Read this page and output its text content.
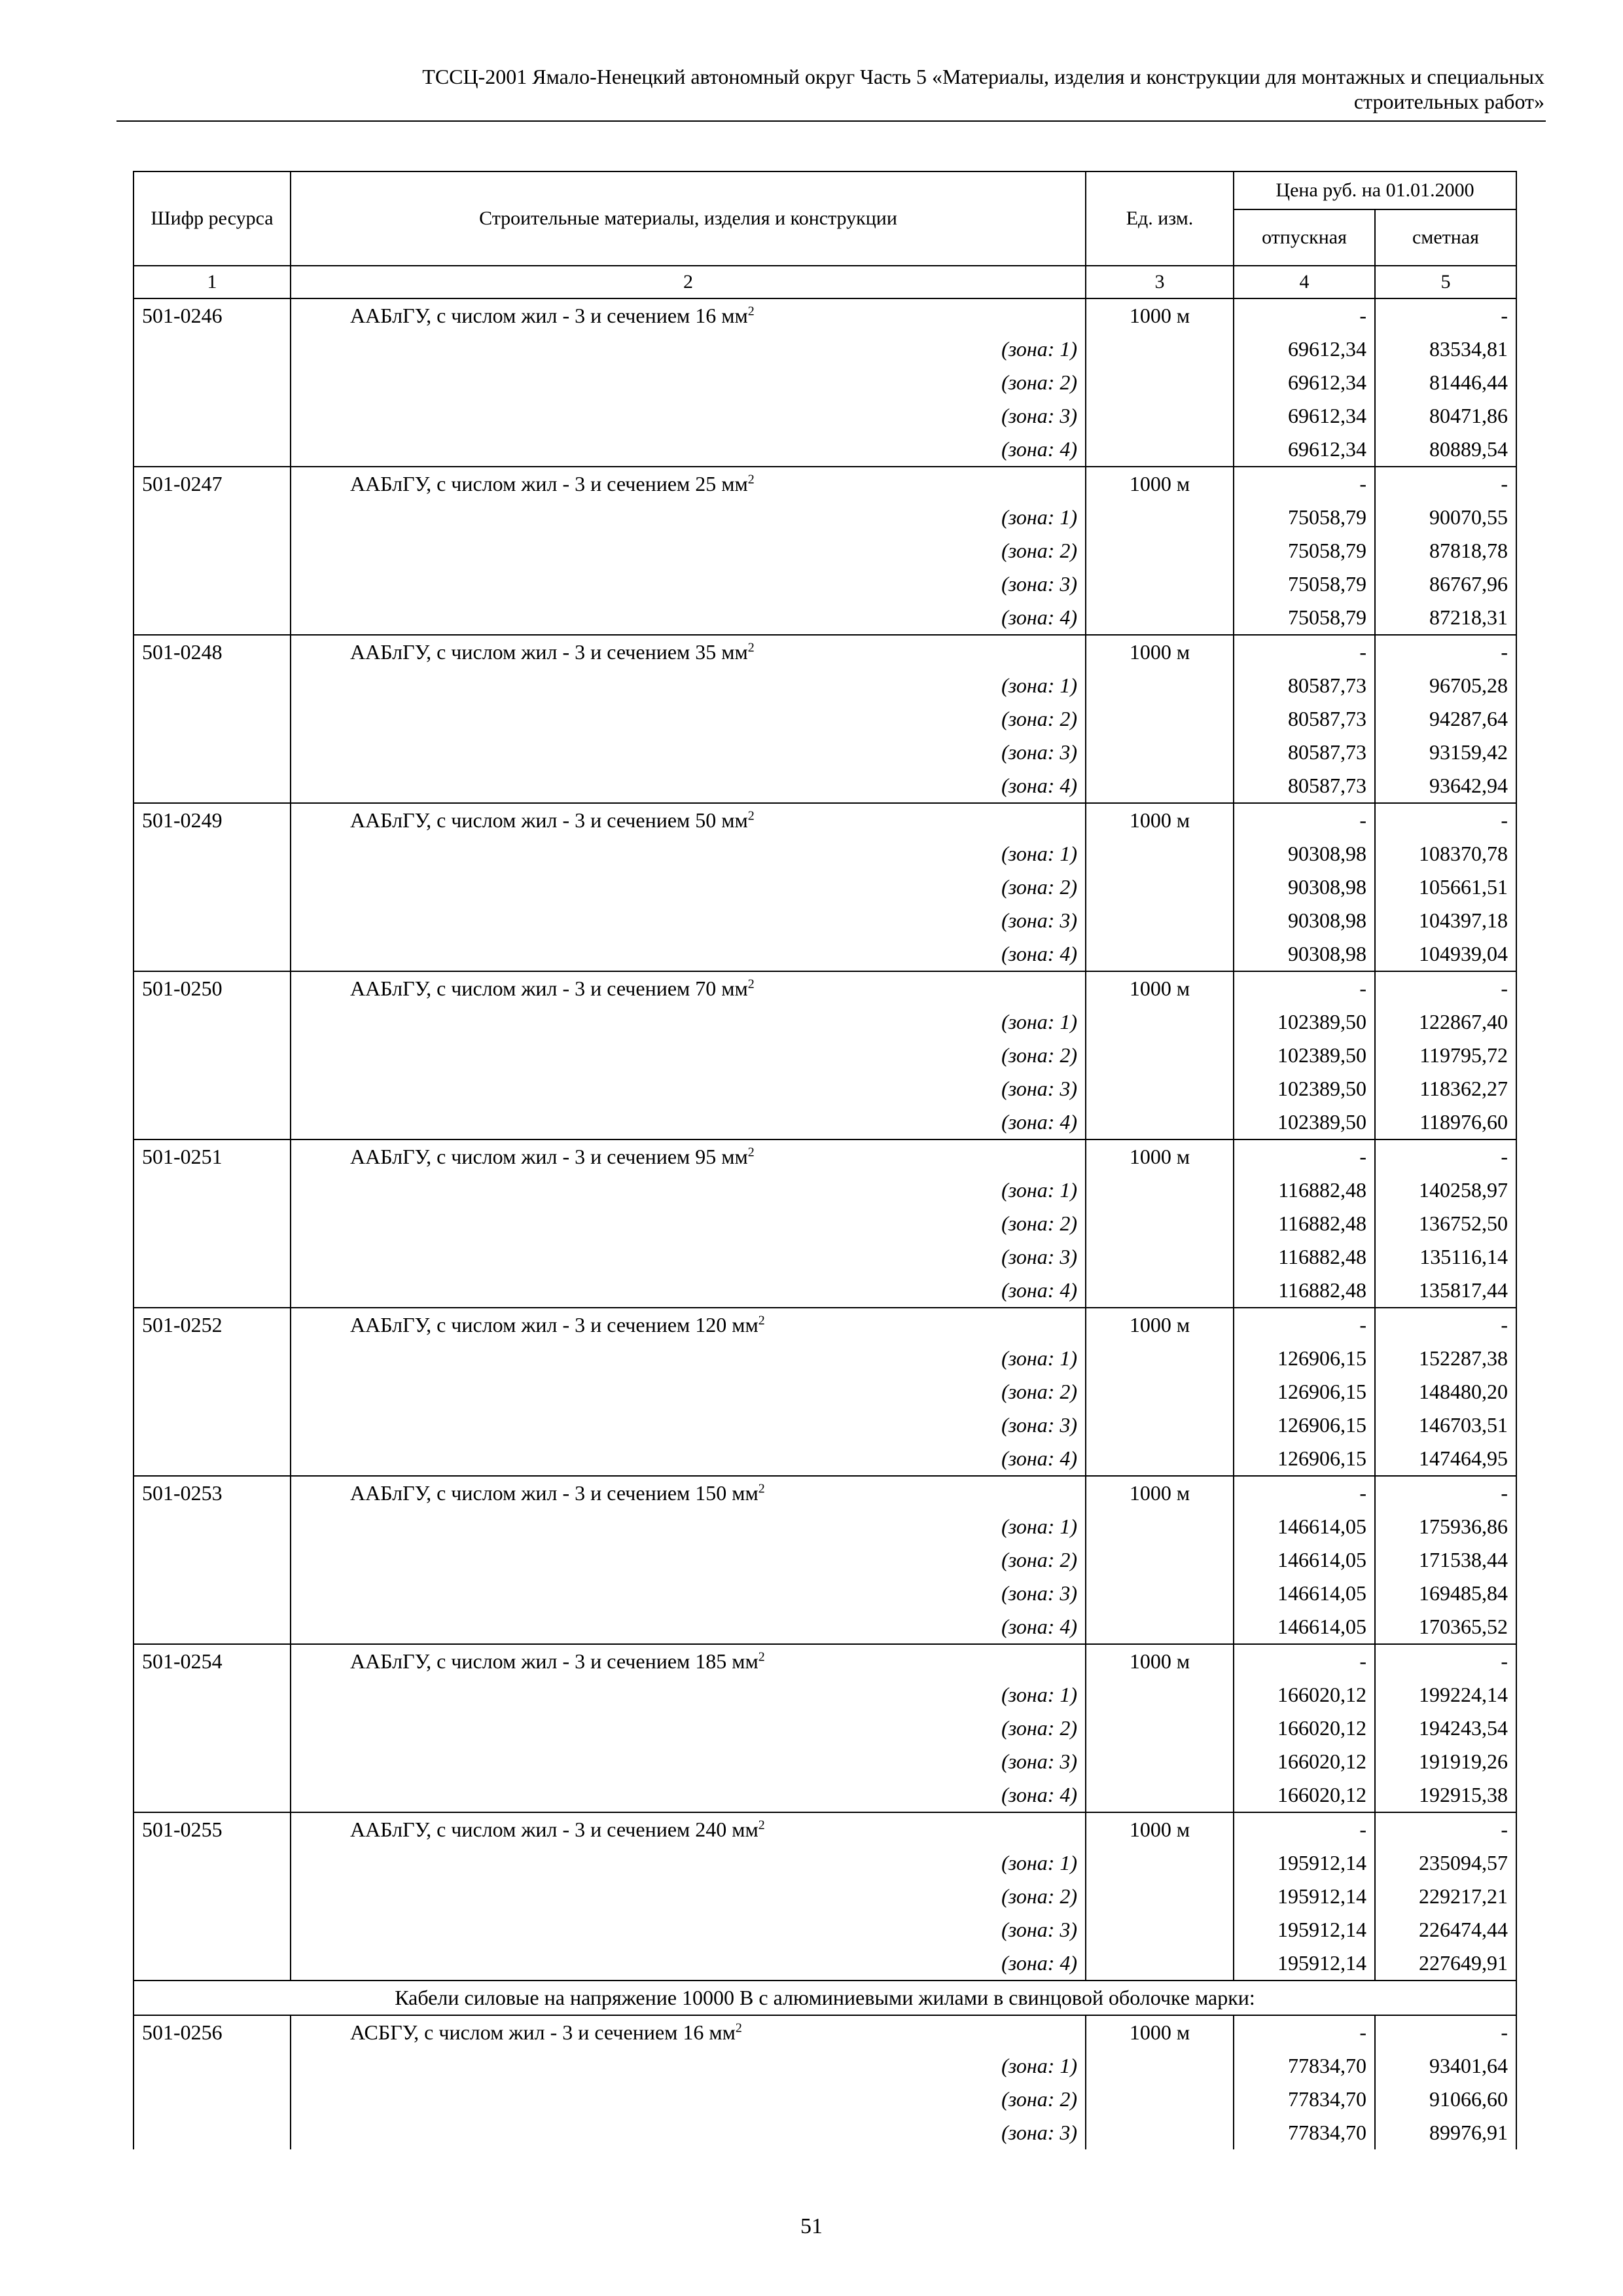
ТССЦ-2001 Ямало-Ненецкий автономный округ Часть 5 «Материалы, изделия и конструкции для монтажных и специальных
строительных работ»
Шифр ресурса	Строительные материалы, изделия и конструкции	Ед. изм.	Цена руб. на 01.01.2000	
			отпускная	сметная
1	2	3	4	5
501-0246	ААБлГУ, с числом жил - 3 и сечением 16 $мм^2$	1000 м	-	-
	(зона: 1)		69612,34	83534,81
	(зона: 2)		69612,34	81446,44
	(зона: 3)		69612,34	80471,86
	(зона: 4)		69612,34	80889,54
501-0247	ААБлГУ, с числом жил - 3 и сечением 25 $мм^2$	1000 м	-	-
	(зона: 1)		75058,79	90070,55
	(зона: 2)		75058,79	87818,78
	(зона: 3)		75058,79	86767,96
	(зона: 4)		75058,79	87218,31
501-0248	ААБлГУ, с числом жил - 3 и сечением 35 $мм^2$	1000 м	-	-
	(зона: 1)		80587,73	96705,28
	(зона: 2)		80587,73	94287,64
	(зона: 3)		80587,73	93159,42
	(зона: 4)		80587,73	93642,94
501-0249	ААБлГУ, с числом жил - 3 и сечением 50 $мм^2$	1000 м	-	-
	(зона: 1)		90308,98	108370,78
	(зона: 2)		90308,98	105661,51
	(зона: 3)		90308,98	104397,18
	(зона: 4)		90308,98	104939,04
501-0250	ААБлГУ, с числом жил - 3 и сечением 70 $мм^2$	1000 м	-	-
	(зона: 1)		102389,50	122867,40
	(зона: 2)		102389,50	119795,72
	(зона: 3)		102389,50	118362,27
	(зона: 4)		102389,50	118976,60
501-0251	ААБлГУ, с числом жил - 3 и сечением 95 $мм^2$	1000 м	-	-
	(зона: 1)		116882,48	140258,97
	(зона: 2)		116882,48	136752,50
	(зона: 3)		116882,48	135116,14
	(зона: 4)		116882,48	135817,44
501-0252	ААБлГУ, с числом жил - 3 и сечением 120 $мм^2$	1000 м	-	-
	(зона: 1)		126906,15	152287,38
	(зона: 2)		126906,15	148480,20
	(зона: 3)		126906,15	146703,51
	(зона: 4)		126906,15	147464,95
501-0253	ААБлГУ, с числом жил - 3 и сечением 150 $мм^2$	1000 м	-	-
	(зона: 1)		146614,05	175936,86
	(зона: 2)		146614,05	171538,44
	(зона: 3)		146614,05	169485,84
	(зона: 4)		146614,05	170365,52
501-0254	ААБлГУ, с числом жил - 3 и сечением 185 $мм^2$	1000 м	-	-
	(зона: 1)		166020,12	199224,14
	(зона: 2)		166020,12	194243,54
	(зона: 3)		166020,12	191919,26
	(зона: 4)		166020,12	192915,38
501-0255	ААБлГУ, с числом жил - 3 и сечением 240 $мм^2$	1000 м	-	-
	(зона: 1)		195912,14	235094,57
	(зона: 2)		195912,14	229217,21
	(зона: 3)		195912,14	226474,44
	(зона: 4)		195912,14	227649,91
Кабели силовые на напряжение 10000 В с алюминиевыми жилами в свинцовой оболочке марки:				
501-0256	АСБГУ, с числом жил - 3 и сечением 16 $мм^2$	1000 м	-	-
	(зона: 1)		77834,70	93401,64
	(зона: 2)		77834,70	91066,60
	(зона: 3)		77834,70	89976,91
51
